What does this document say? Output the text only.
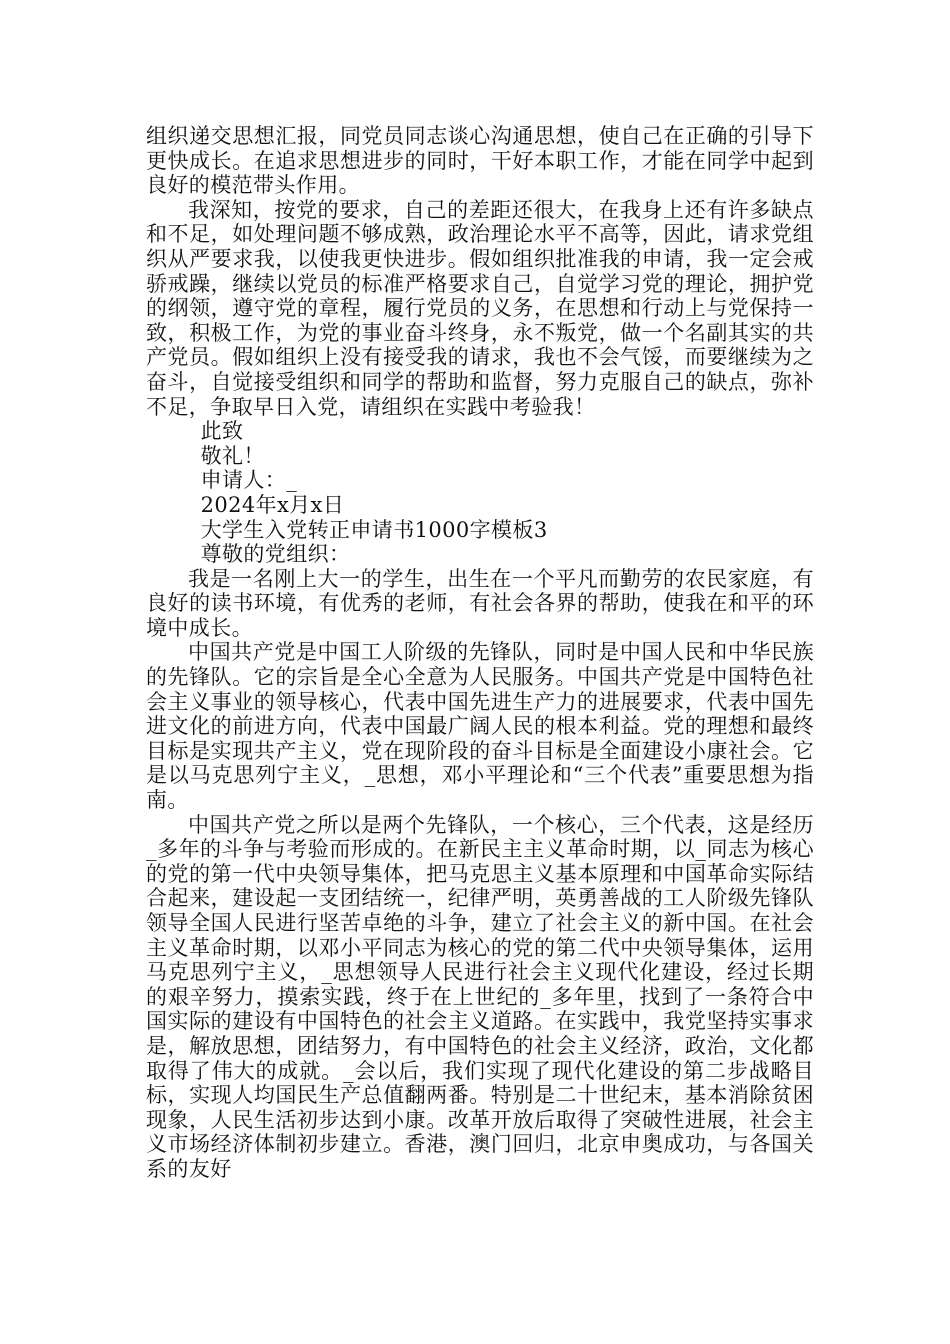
组织递交思想汇报，同党员同志谈心沟通思想，使自己在正确的引导下更快成长。在追求思想进步的同时，干好本职工作，才能在同学中起到良好的模范带头作用。

我深知，按党的要求，自己的差距还很大，在我身上还有许多缺点和不足，如处理问题不够成熟，政治理论水平不高等，因此，请求党组织从严要求我，以使我更快进步。假如组织批准我的申请，我一定会戒骄戒躁，继续以党员的标准严格要求自己，自觉学习党的理论，拥护党的纲领，遵守党的章程，履行党员的义务，在思想和行动上与党保持一致，积极工作，为党的事业奋斗终身，永不叛党，做一个名副其实的共产党员。假如组织上没有接受我的请求，我也不会气馁，而要继续为之奋斗，自觉接受组织和同学的帮助和监督，努力克服自己的缺点，弥补不足，争取早日入党，请组织在实践中考验我！

此致

敬礼！

申请人：_

2024年x月x日

大学生入党转正申请书1000字模板3

尊敬的党组织：

我是一名刚上大一的学生，出生在一个平凡而勤劳的农民家庭，有良好的读书环境，有优秀的老师，有社会各界的帮助，使我在和平的环境中成长。

中国共产党是中国工人阶级的先锋队，同时是中国人民和中华民族的先锋队。它的宗旨是全心全意为人民服务。中国共产党是中国特色社会主义事业的领导核心，代表中国先进生产力的进展要求，代表中国先进文化的前进方向，代表中国最广阔人民的根本利益。党的理想和最终目标是实现共产主义，党在现阶段的奋斗目标是全面建设小康社会。它是以马克思列宁主义，_思想，邓小平理论和“三个代表”重要思想为指南。

中国共产党之所以是两个先锋队，一个核心，三个代表，这是经历_多年的斗争与考验而形成的。在新民主主义革命时期，以_同志为核心的党的第一代中央领导集体，把马克思主义基本原理和中国革命实际结合起来，建设起一支团结统一，纪律严明，英勇善战的工人阶级先锋队领导全国人民进行坚苦卓绝的斗争，建立了社会主义的新中国。在社会主义革命时期，以邓小平同志为核心的党的第二代中央领导集体，运用马克思列宁主义，_思想领导人民进行社会主义现代化建设，经过长期的艰辛努力，摸索实践，终于在上世纪的_多年里，找到了一条符合中国实际的建设有中国特色的社会主义道路。在实践中，我党坚持实事求是，解放思想，团结努力，有中国特色的社会主义经济，政治，文化都取得了伟大的成就。_会以后，我们实现了现代化建设的第二步战略目标，实现人均国民生产总值翻两番。特别是二十世纪末，基本消除贫困现象，人民生活初步达到小康。改革开放后取得了突破性进展，社会主义市场经济体制初步建立。香港，澳门回归，北京申奥成功，与各国关系的友好
